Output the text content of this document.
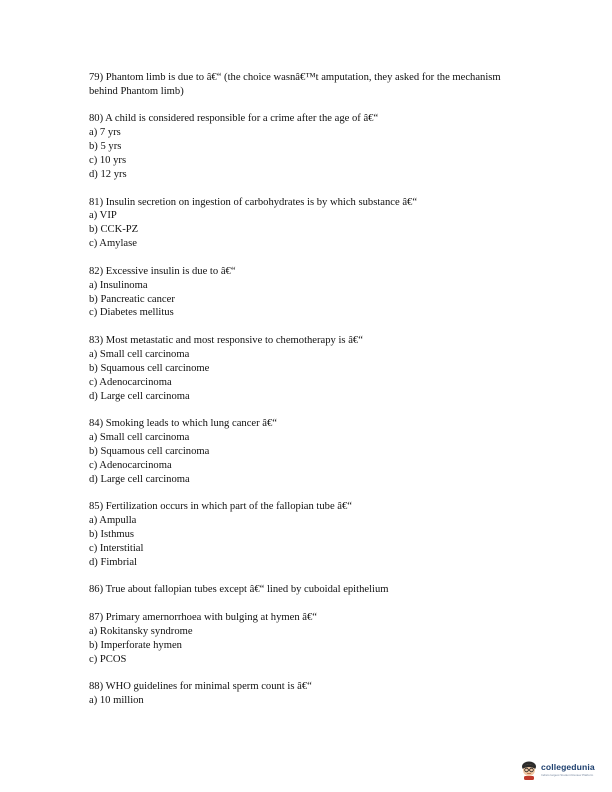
79) Phantom limb is due to â€“ (the choice wasnâ€™t amputation, they asked for the mechanism behind Phantom limb)
80) A child is considered responsible for a crime after the age of â€“
a) 7 yrs
b) 5 yrs
c) 10 yrs
d) 12 yrs
81) Insulin secretion on ingestion of carbohydrates is by which substance â€“
a) VIP
b) CCK-PZ
c) Amylase
82) Excessive insulin is due to â€“
a) Insulinoma
b) Pancreatic cancer
c) Diabetes mellitus
83) Most metastatic and most responsive to chemotherapy is â€“
a) Small cell carcinoma
b) Squamous cell carcinome
c) Adenocarcinoma
d) Large cell carcinoma
84) Smoking leads to which lung cancer â€“
a) Small cell carcinoma
b) Squamous cell carcinoma
c) Adenocarcinoma
d) Large cell carcinoma
85) Fertilization occurs in which part of the fallopian tube â€“
a) Ampulla
b) Isthmus
c) Interstitial
d) Fimbrial
86) True about fallopian tubes except â€“ lined by cuboidal epithelium
87) Primary amernorrhoea with bulging at hymen â€“
a) Rokitansky syndrome
b) Imperforate hymen
c) PCOS
88) WHO guidelines for minimal sperm count is â€“
a) 10 million
collegedunia
India's largest Student Review Platform
